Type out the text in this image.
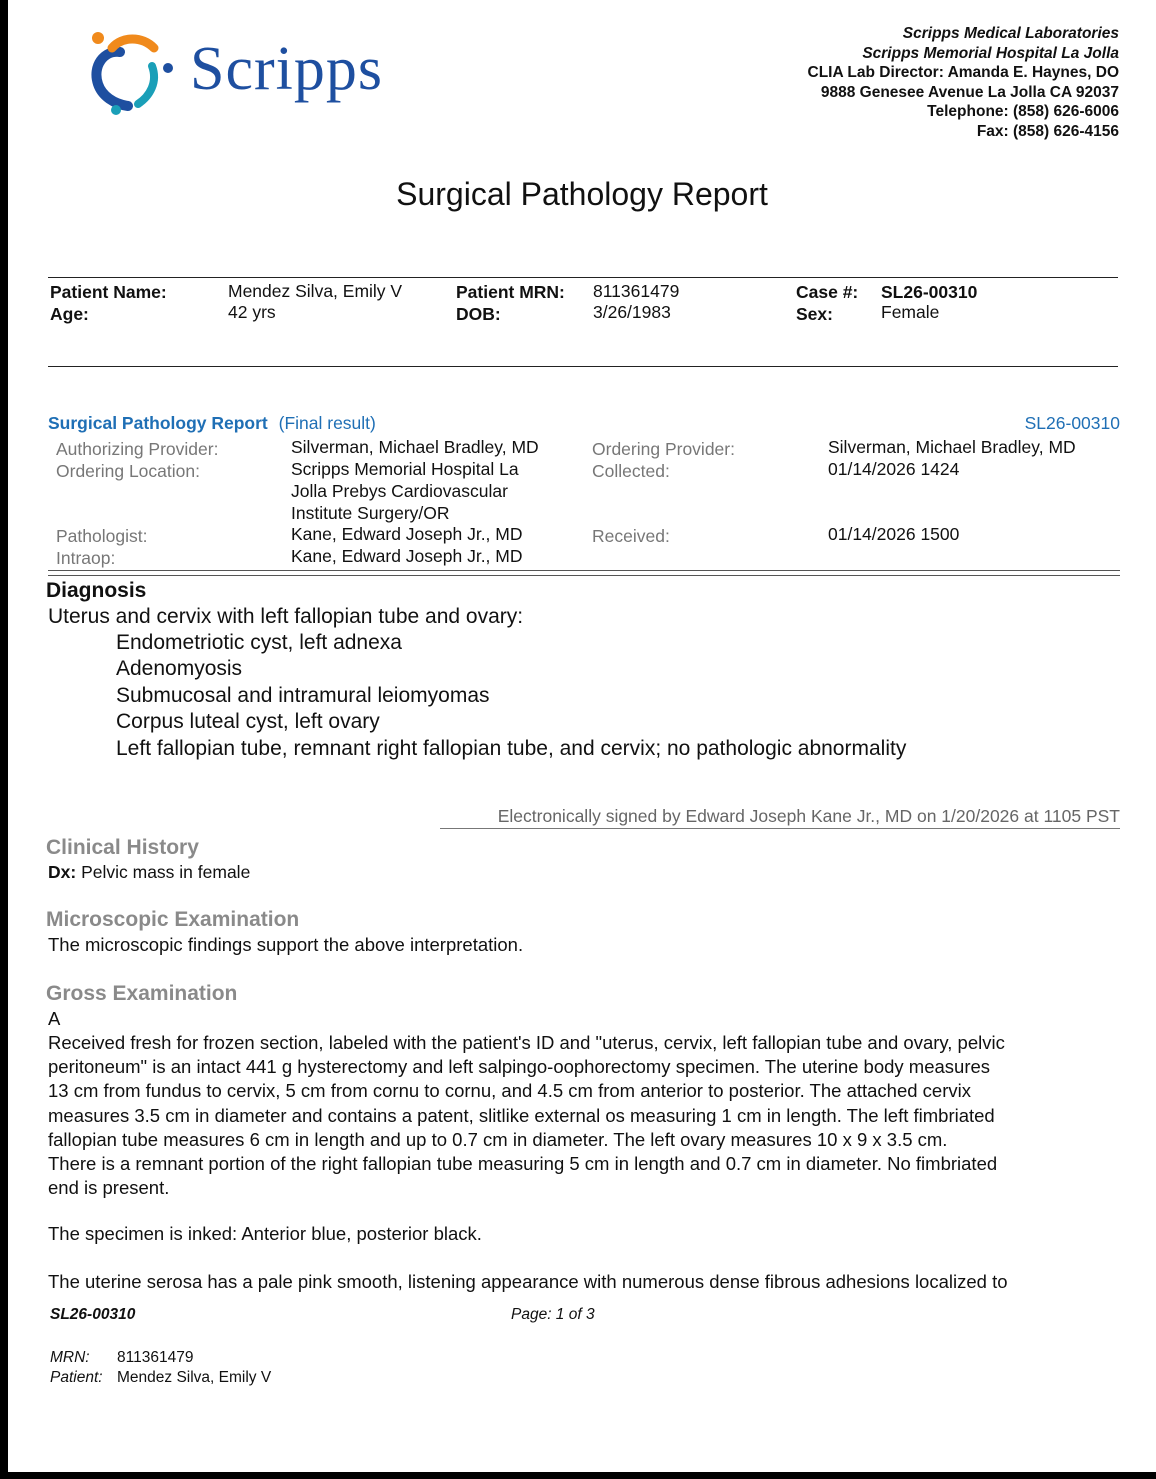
Scripps
Scripps Medical Laboratories
Scripps Memorial Hospital La Jolla
CLIA Lab Director: Amanda E. Haynes, DO
9888 Genesee Avenue La Jolla CA 92037
Telephone: (858) 626-6006
Fax: (858) 626-4156
Surgical Pathology Report
Patient Name:	Mendez Silva, Emily V
Age:	42 yrs
Patient MRN: 811361479
DOB:	3/26/1983
Case #: SL26-00310
Sex:	Female
Surgical Pathology Report (Final result)	SL26-00310
Authorizing Provider:	Silverman, Michael Bradley, MD	Ordering Provider:	Silverman, Michael Bradley, MD
Ordering Location:	Scripps Memorial Hospital La
Jolla Prebys Cardiovascular
Institute Surgery/OR
Collected:	01/14/2026 1424
Pathologist:	Kane, Edward Joseph Jr., MD	Received:	01/14/2026 1500
Intraop:	Kane, Edward Joseph Jr., MD
Diagnosis
Uterus and cervix with left fallopian tube and ovary:
Endometriotic cyst, left adnexa
Adenomyosis
Submucosal and intramural leiomyomas
Corpus luteal cyst, left ovary
Left fallopian tube, remnant right fallopian tube, and cervix; no pathologic abnormality
Electronically signed by Edward Joseph Kane Jr., MD on 1/20/2026 at 1105 PST
Clinical History
Dx: Pelvic mass in female
Microscopic Examination
The microscopic findings support the above interpretation.
Gross Examination
A
Received fresh for frozen section, labeled with the patient's ID and "uterus, cervix, left fallopian tube and ovary, pelvic
peritoneum" is an intact 441 g hysterectomy and left salpingo-oophorectomy specimen. The uterine body measures
13 cm from fundus to cervix, 5 cm from cornu to cornu, and 4.5 cm from anterior to posterior. The attached cervix
measures 3.5 cm in diameter and contains a patent, slitlike external os measuring 1 cm in length. The left fimbriated
fallopian tube measures 6 cm in length and up to 0.7 cm in diameter. The left ovary measures 10 x 9 x 3.5 cm.
There is a remnant portion of the right fallopian tube measuring 5 cm in length and 0.7 cm in diameter. No fimbriated
end is present.
The specimen is inked: Anterior blue, posterior black.
The uterine serosa has a pale pink smooth, listening appearance with numerous dense fibrous adhesions localized to
SL26-00310	Page: 1 of 3
MRN: 811361479
Patient: Mendez Silva, Emily V
